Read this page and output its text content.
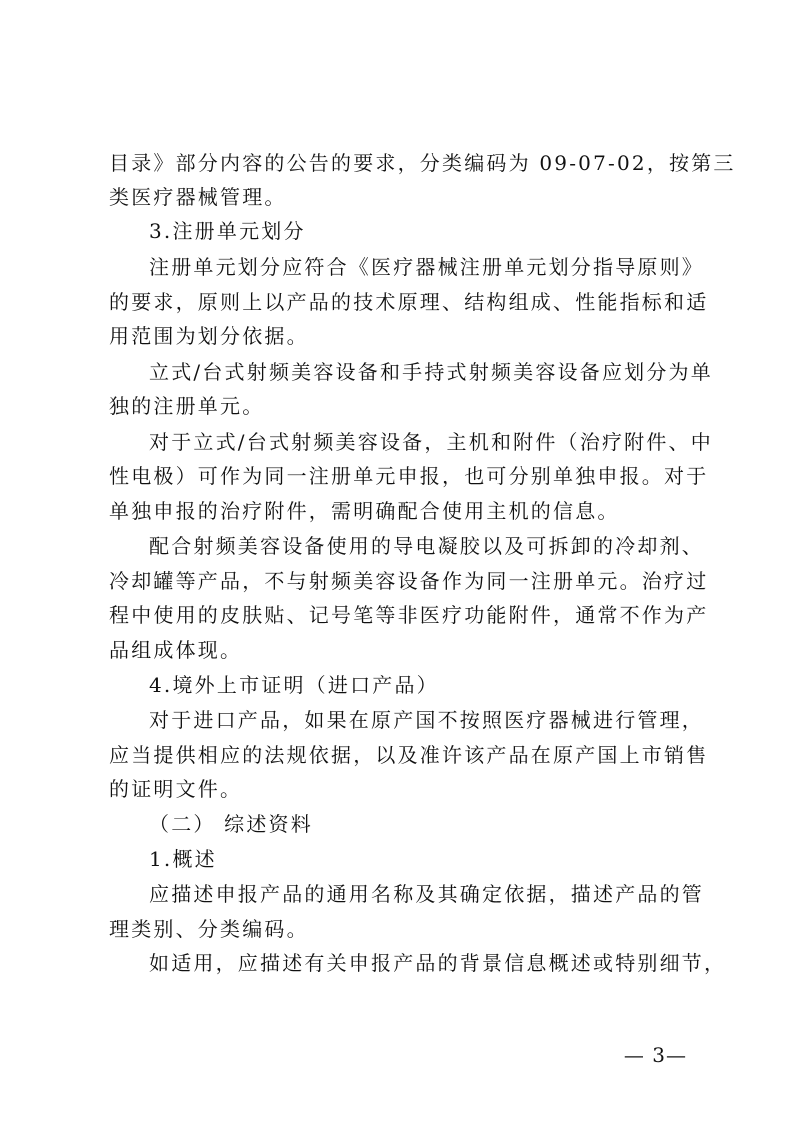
目录》部分内容的公告的要求，分类编码为 09-07-02，按第三
类医疗器械管理。
3.注册单元划分
注册单元划分应符合《医疗器械注册单元划分指导原则》
的要求，原则上以产品的技术原理、结构组成、性能指标和适
用范围为划分依据。
立式/台式射频美容设备和手持式射频美容设备应划分为单
独的注册单元。
对于立式/台式射频美容设备，主机和附件（治疗附件、中
性电极）可作为同一注册单元申报，也可分别单独申报。对于
单独申报的治疗附件，需明确配合使用主机的信息。
配合射频美容设备使用的导电凝胶以及可拆卸的冷却剂、
冷却罐等产品，不与射频美容设备作为同一注册单元。治疗过
程中使用的皮肤贴、记号笔等非医疗功能附件，通常不作为产
品组成体现。
4.境外上市证明（进口产品）
对于进口产品，如果在原产国不按照医疗器械进行管理，
应当提供相应的法规依据，以及准许该产品在原产国上市销售
的证明文件。
（二） 综述资料
1.概述
应描述申报产品的通用名称及其确定依据，描述产品的管
理类别、分类编码。
如适用，应描述有关申报产品的背景信息概述或特别细节，
— 3—
